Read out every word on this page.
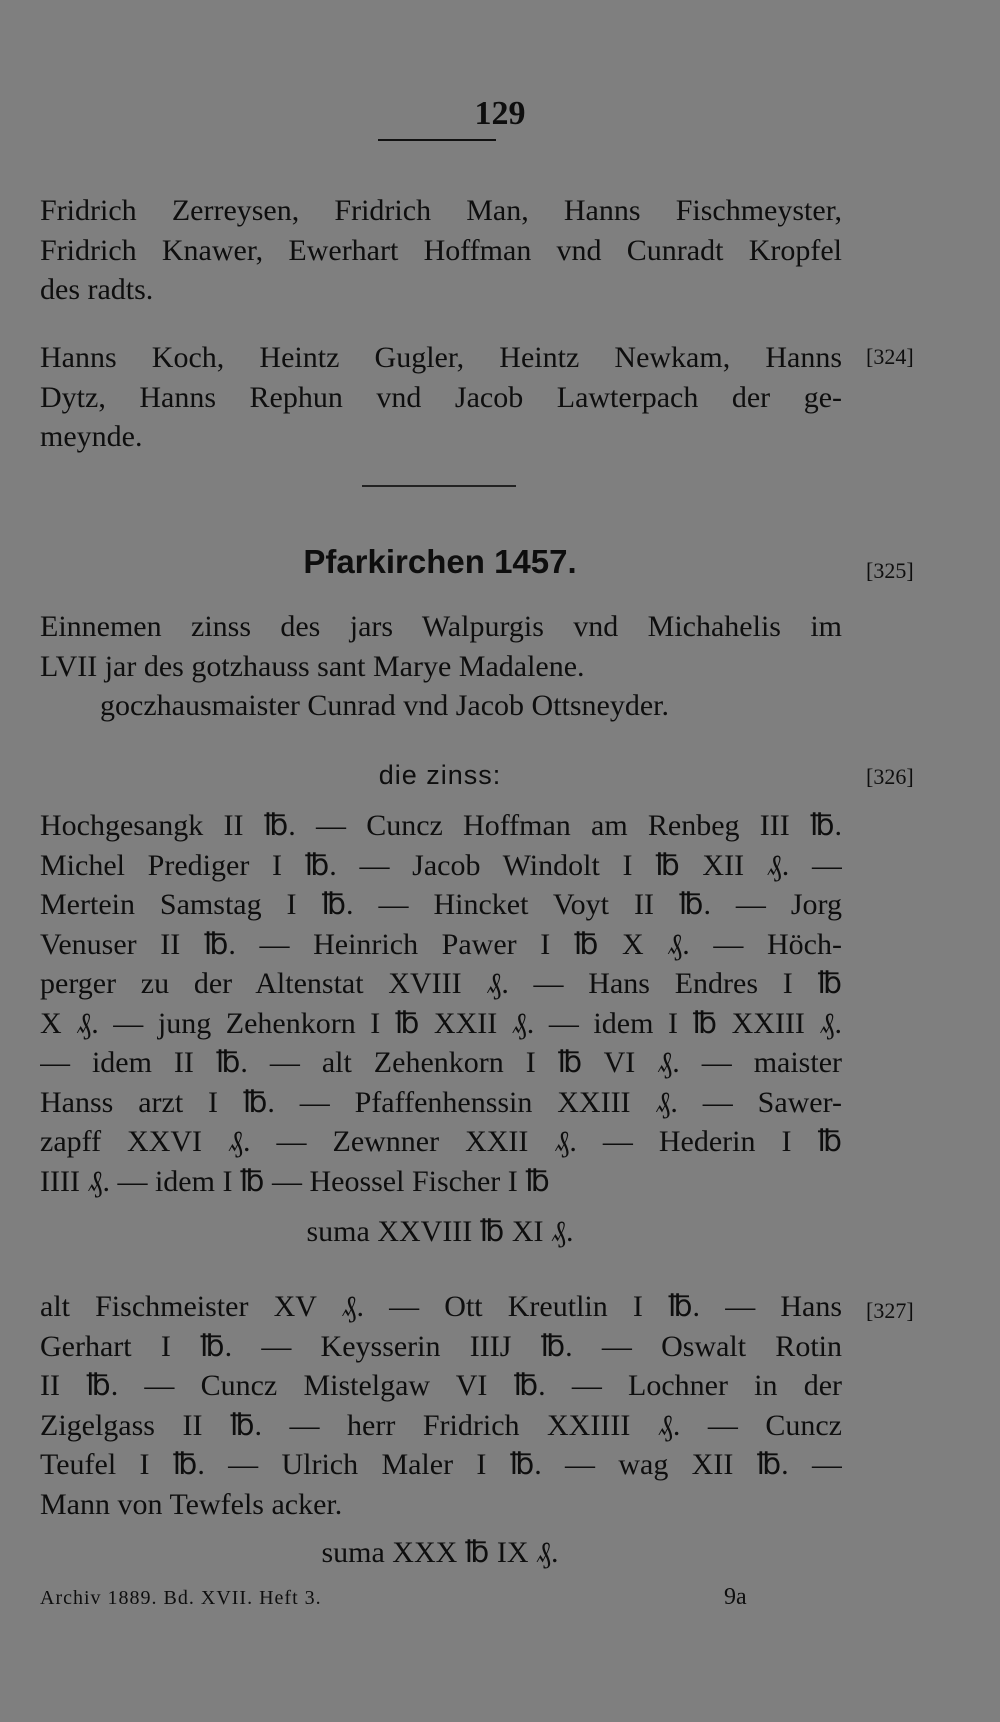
129
Fridrich Zerreysen, Fridrich Man, Hanns Fischmeyster,
Fridrich Knawer, Ewerhart Hoffman vnd Cunradt Kropfel
des radts.
Hanns Koch, Heintz Gugler, Heintz Newkam, Hanns
Dytz, Hanns Rephun vnd Jacob Lawterpach der ge-
meynde.
[324]
Pfarkirchen 1457.	[325]
Einnemen zinss des jars Walpurgis vnd Michahelis im
LVII jar des gotzhauss sant Marye Madalene.
goczhausmaister Cunrad vnd Jacob Ottsneyder.
die zinss:	[326]
Hochgesangk II ℔. — Cuncz Hoffman am Renbeg III ℔.
Michel Prediger I ℔. — Jacob Windolt I ℔ XII ₰. —
Mertein Samstag I ℔. — Hincket Voyt II ℔. — Jorg
Venuser II ℔. — Heinrich Pawer I ℔ X ₰. — Höch-
perger zu der Altenstat XVIII ₰. — Hans Endres I ℔
X ₰. — jung Zehenkorn I ℔ XXII ₰. — idem I ℔ XXIII ₰.
— idem II ℔. — alt Zehenkorn I ℔ VI ₰. — maister
Hanss arzt I ℔. — Pfaffenhenssin XXIII ₰. — Sawer-
zapff XXVI ₰. — Zewnner XXII ₰. — Hederin I ℔
IIII ₰. — idem I ℔ — Heossel Fischer I ℔
suma XXVIII ℔ XI ₰.
alt Fischmeister XV ₰. — Ott Kreutlin I ℔. — Hans
Gerhart I ℔. — Keysserin IIIJ ℔. — Oswalt Rotin
II ℔. — Cuncz Mistelgaw VI ℔. — Lochner in der
Zigelgass II ℔. — herr Fridrich XXIIII ₰. — Cuncz
Teufel I ℔. — Ulrich Maler I ℔. — wag XII ℔. —
Mann von Tewfels acker.
[327]
suma XXX ℔ IX ₰.
Archiv 1889. Bd. XVII. Heft 3.	9a
